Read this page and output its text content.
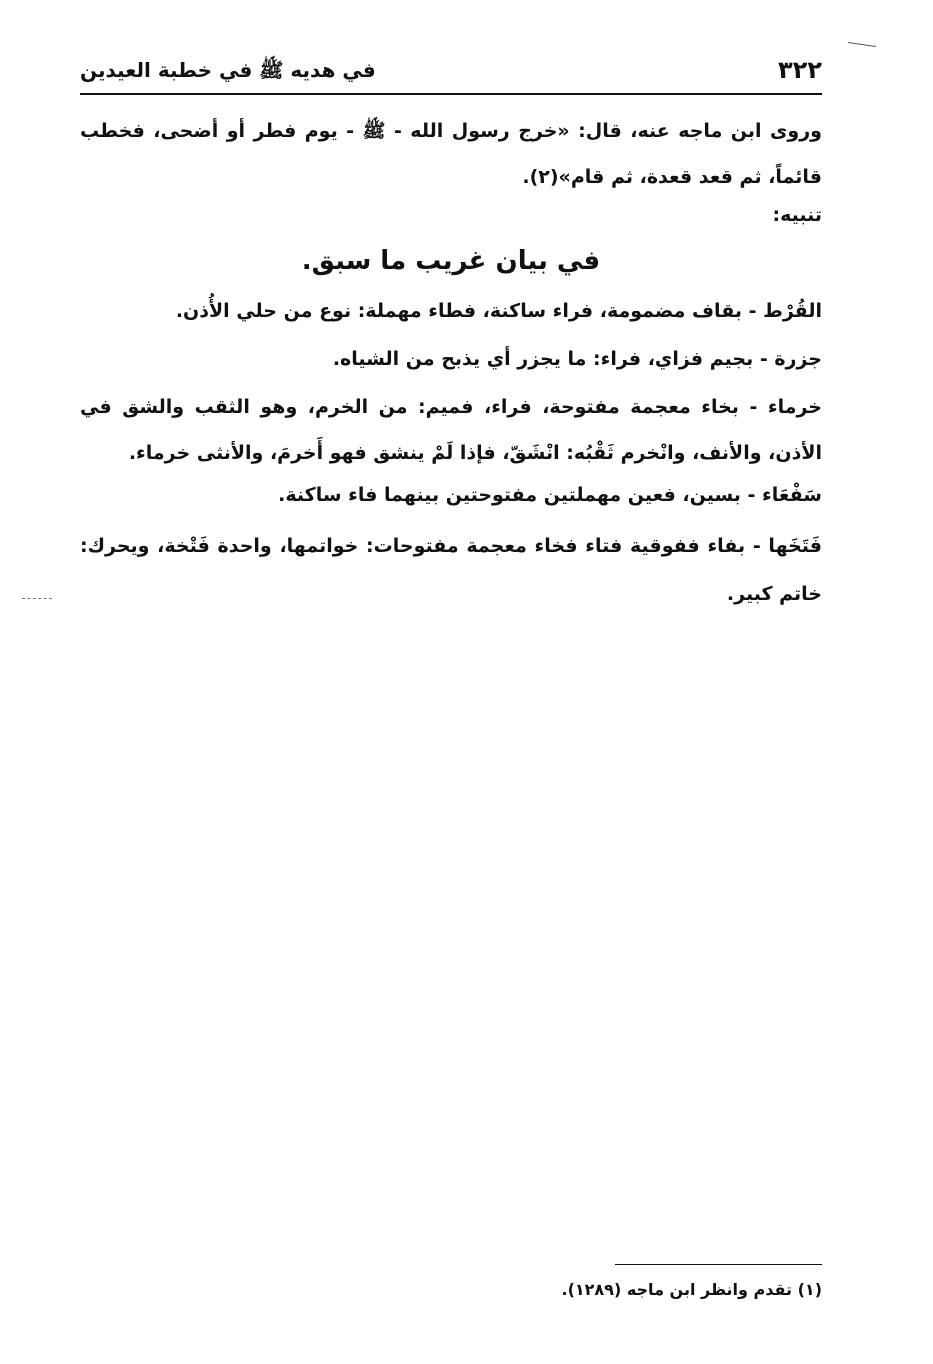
٣٢٢
في هديه ﷺ في خطبة العيدين
وروى ابن ماجه عنه، قال: «خرج رسول الله - ﷺ - يوم فطر أو أضحى، فخطب قائماً، ثم قعد قعدة، ثم قام»(٢).
تنبيه:
في بيان غريب ما سبق.
القُرْط - بقاف مضمومة، فراء ساكنة، فطاء مهملة: نوع من حلي الأُذن.
جزرة - بجيم فزاي، فراء: ما يجزر أي يذبح من الشياه.
خرماء - بخاء معجمة مفتوحة، فراء، فميم: من الخرم، وهو الثقب والشق في الأذن، والأنف، وانْخرم ثَقْبُه: انْشَقّ، فإذا لَمْ ينشق فهو أَخرمَ، والأنثى خرماء.
سَفْعَاء - بسين، فعين مهملتين مفتوحتين بينهما فاء ساكنة.
فَتَخَها - بفاء ففوقية فتاء فخاء معجمة مفتوحات: خواتمها، واحدة فَتْخة، ويحرك: خاتم كبير.
(١) تقدم وانظر ابن ماجه (١٢٨٩).
